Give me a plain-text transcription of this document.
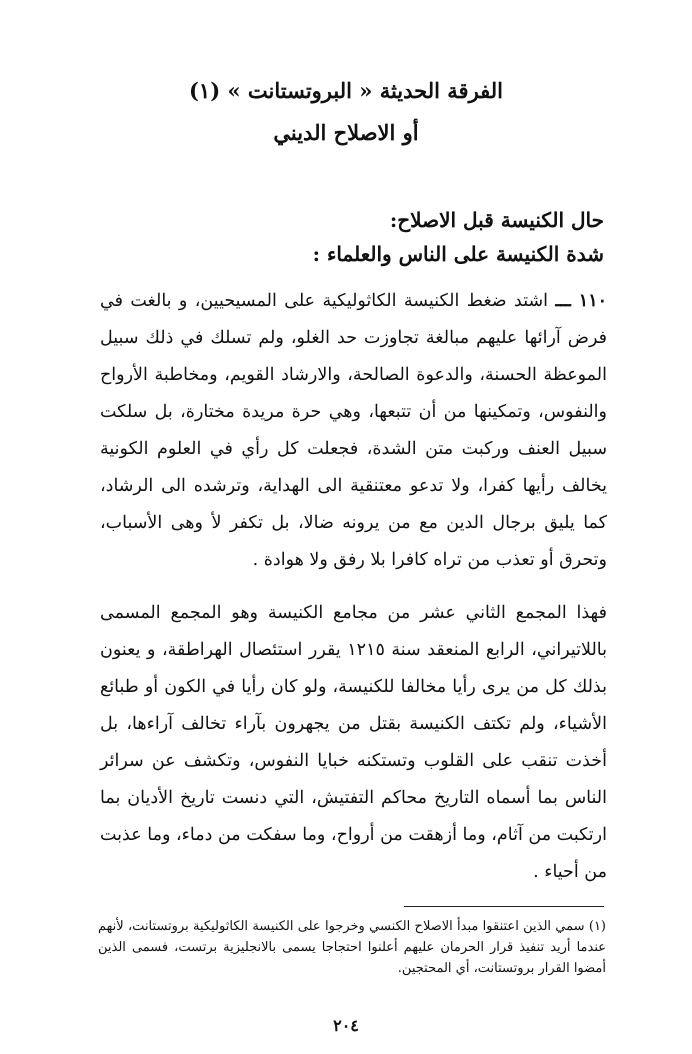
الفرقة الحديثة « البروتستانت » (١)
أو الاصلاح الديني
حال الكنيسة قبل الاصلاح:
شدة الكنيسة على الناس والعلماء :

١١٠ ـــ اشتد ضغط الكنيسة الكاثوليكية على المسيحيين، و بالغت في فرض آرائها عليهم مبالغة تجاوزت حد الغلو، ولم تسلك في ذلك سبيل الموعظة الحسنة، والدعوة الصالحة، والارشاد القويم، ومخاطبة الأرواح والنفوس، وتمكينها من أن تتبعها، وهي حرة مريدة مختارة، بل سلكت سبيل العنف وركبت متن الشدة، فجعلت كل رأي في العلوم الكونية يخالف رأيها كفرا، ولا تدعو معتنقية الى الهداية، وترشده الى الرشاد، كما يليق برجال الدين مع من يرونه ضالا، بل تكفر لأ وهى الأسباب، وتحرق أو تعذب من تراه كافرا بلا رفق ولا هوادة .

فهذا المجمع الثاني عشر من مجامع الكنيسة وهو المجمع المسمى باللاتيراني، الرابع المنعقد سنة ١٢١٥ يقرر استئصال الهراطقة، و يعنون بذلك كل من يرى رأيا مخالفا للكنيسة، ولو كان رأيا في الكون أو طبائع الأشياء، ولم تكتف الكنيسة بقتل من يجهرون بآراء تخالف آراءها، بل أخذت تنقب على القلوب وتستكنه خبايا النفوس، وتكشف عن سرائر الناس بما أسماه التاريخ محاكم التفتيش، التي دنست تاريخ الأديان بما ارتكبت من آثام، وما أزهقت من أرواح، وما سفكت من دماء، وما عذبت من أحياء .

(١) سمي الذين اعتنقوا مبدأ الاصلاح الكنسي وخرجوا على الكنيسة الكاثوليكية بروتستانت، لأنهم عندما أريد تنفيذ قرار الحرمان عليهم أعلنوا احتجاجا يسمى بالانجليزية برتست، فسمى الذين أمضوا القرار بروتستانت، أي المحتجين.

٢٠٤
